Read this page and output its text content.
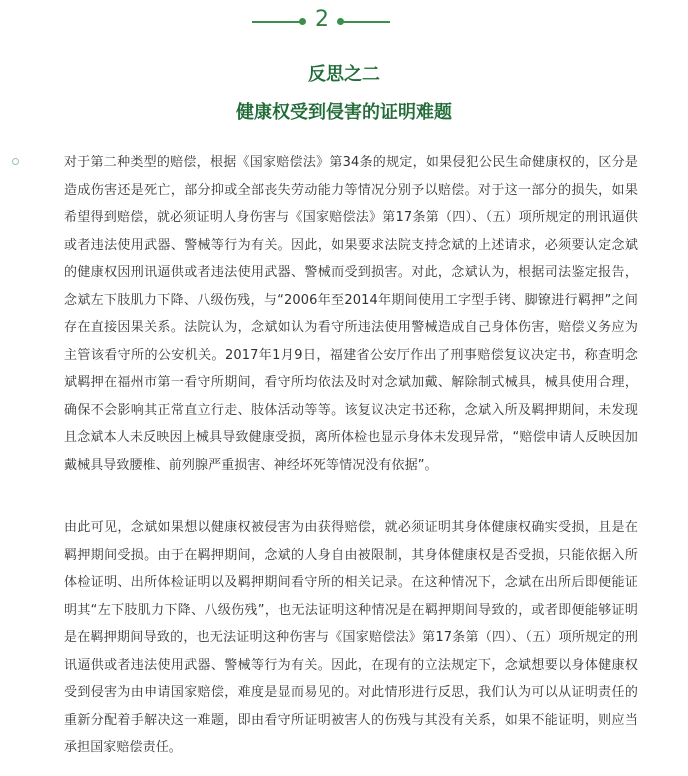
2
反思之二
健康权受到侵害的证明难题
对于第二种类型的赔偿，根据《国家赔偿法》第34条的规定，如果侵犯公民生命健康权的，区分是造成伤害还是死亡，部分抑或全部丧失劳动能力等情况分别予以赔偿。对于这一部分的损失，如果希望得到赔偿，就必须证明人身伤害与《国家赔偿法》第17条第（四）、（五）项所规定的刑讯逼供或者违法使用武器、警械等行为有关。因此，如果要求法院支持念斌的上述请求，必须要认定念斌的健康权因刑讯逼供或者违法使用武器、警械而受到损害。对此，念斌认为，根据司法鉴定报告，念斌左下肢肌力下降、八级伤残，与“2006年至2014年期间使用工字型手铐、脚镣进行羁押”之间存在直接因果关系。法院认为，念斌如认为看守所违法使用警械造成自己身体伤害，赔偿义务应为主管该看守所的公安机关。2017年1月9日，福建省公安厅作出了刑事赔偿复议决定书，称查明念斌羁押在福州市第一看守所期间，看守所均依法及时对念斌加戴、解除制式械具，械具使用合理，确保不会影响其正常直立行走、肢体活动等等。该复议决定书还称，念斌入所及羁押期间，未发现且念斌本人未反映因上械具导致健康受损，离所体检也显示身体未发现异常，“赔偿申请人反映因加戴械具导致腰椎、前列腺严重损害、神经坏死等情况没有依据”。
由此可见，念斌如果想以健康权被侵害为由获得赔偿，就必须证明其身体健康权确实受损，且是在羁押期间受损。由于在羁押期间，念斌的人身自由被限制，其身体健康权是否受损，只能依据入所体检证明、出所体检证明以及羁押期间看守所的相关记录。在这种情况下，念斌在出所后即便能证明其“左下肢肌力下降、八级伤残”，也无法证明这种情况是在羁押期间导致的，或者即便能够证明是在羁押期间导致的，也无法证明这种伤害与《国家赔偿法》第17条第（四）、（五）项所规定的刑讯逼供或者违法使用武器、警械等行为有关。因此，在现有的立法规定下，念斌想要以身体健康权受到侵害为由申请国家赔偿，难度是显而易见的。对此情形进行反思，我们认为可以从证明责任的重新分配着手解决这一难题，即由看守所证明被害人的伤残与其没有关系，如果不能证明，则应当承担国家赔偿责任。
